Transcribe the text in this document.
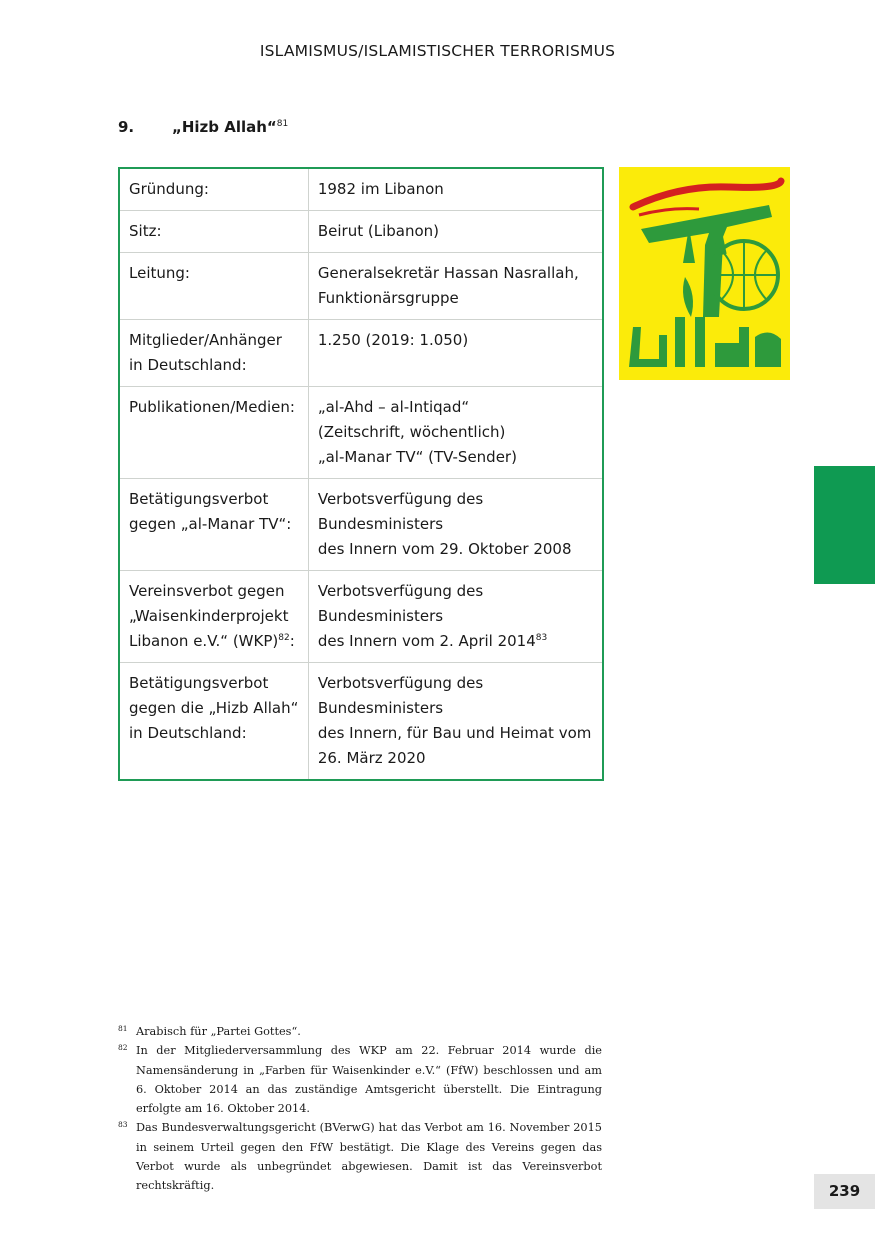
ISLAMISMUS/ISLAMISTISCHER TERRORISMUS
9.	„Hizb Allah“$^{81}$
Gründung:	1982 im Libanon
Sitz:	Beirut (Libanon)
Leitung:	Generalsekretär Hassan Nasrallah,
Funktionärsgruppe
Mitglieder/Anhänger
in Deutschland:	1.250 (2019: 1.050)
Publikationen/Medien:	„al-Ahd – al-Intiqad“
(Zeitschrift, wöchentlich)
„al-Manar TV“ (TV-Sender)
Betätigungsverbot
gegen „al-Manar TV“:	Verbotsverfügung des Bundesministers
des Innern vom 29. Oktober 2008
Vereinsverbot gegen
„Waisenkinderprojekt
Libanon e.V.“ (WKP)$^{82}$:	Verbotsverfügung des Bundesministers
des Innern vom 2. April 2014$^{83}$
Betätigungsverbot
gegen die „Hizb Allah“
in Deutschland:	Verbotsverfügung des Bundesministers
des Innern, für Bau und Heimat vom
26. März 2020
81 Arabisch für „Partei Gottes“.
82 In der Mitgliederversammlung des WKP am 22. Februar 2014 wurde die Namensänderung in „Farben für Waisenkinder e.V.“ (FfW) beschlossen und am 6. Oktober 2014 an das zuständige Amtsgericht überstellt. Die Eintragung erfolgte am 16. Oktober 2014.
83 Das Bundesverwaltungsgericht (BVerwG) hat das Verbot am 16. November 2015 in seinem Urteil gegen den FfW bestätigt. Die Klage des Vereins gegen das Verbot wurde als unbegründet abgewiesen. Damit ist das Vereinsverbot rechtskräftig.	239
